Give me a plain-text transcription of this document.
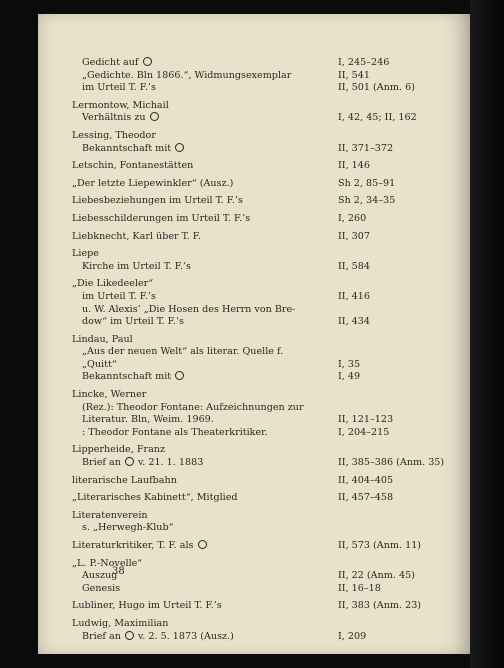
Gedicht auf	I, 245–246
„Gedichte. Bln 1866.“, Widmungsexemplar	II, 541
im Urteil T. F.’s	II, 501 (Anm. 6)
Lermontow, Michail
Verhältnis zu	I, 42, 45; II, 162
Lessing, Theodor
Bekanntschaft mit	II, 371–372
Letschin, Fontanestätten	II, 146
„Der letzte Liepewinkler“ (Ausz.)	Sh 2, 85–91
Liebesbeziehungen im Urteil T. F.’s	Sh 2, 34–35
Liebesschilderungen im Urteil T. F.’s	I, 260
Liebknecht, Karl über T. F.	II, 307
Liepe
Kirche im Urteil T. F.’s	II, 584
„Die Likedeeler“
im Urteil T. F.’s	II, 416
u. W. Alexis’ „Die Hosen des Herrn von Bre-
dow“ im Urteil T. F.’s	II, 434
Lindau, Paul
„Aus der neuen Welt“ als literar. Quelle f.
„Quitt“	I, 35
Bekanntschaft mit	I, 49
Lincke, Werner
(Rez.): Theodor Fontane: Aufzeichnungen zur
Literatur. Bln, Weim. 1969.	II, 121–123
: Theodor Fontane als Theaterkritiker.	I, 204–215
Lipperheide, Franz
Brief an  v. 21. 1. 1883	II, 385–386 (Anm. 35)
literarische Laufbahn	II, 404–405
„Literarisches Kabinett“, Mitglied	II, 457–458
Literatenverein
s. „Herwegh-Klub“
Literaturkritiker, T. F. als	II, 573 (Anm. 11)
„L. P.-Novelle“
Auszug	II, 22 (Anm. 45)
Genesis	II, 16–18
Lubliner, Hugo im Urteil T. F.’s	II, 383 (Anm. 23)
Ludwig, Maximilian
Brief an  v. 2. 5. 1873 (Ausz.)	I, 209
38
